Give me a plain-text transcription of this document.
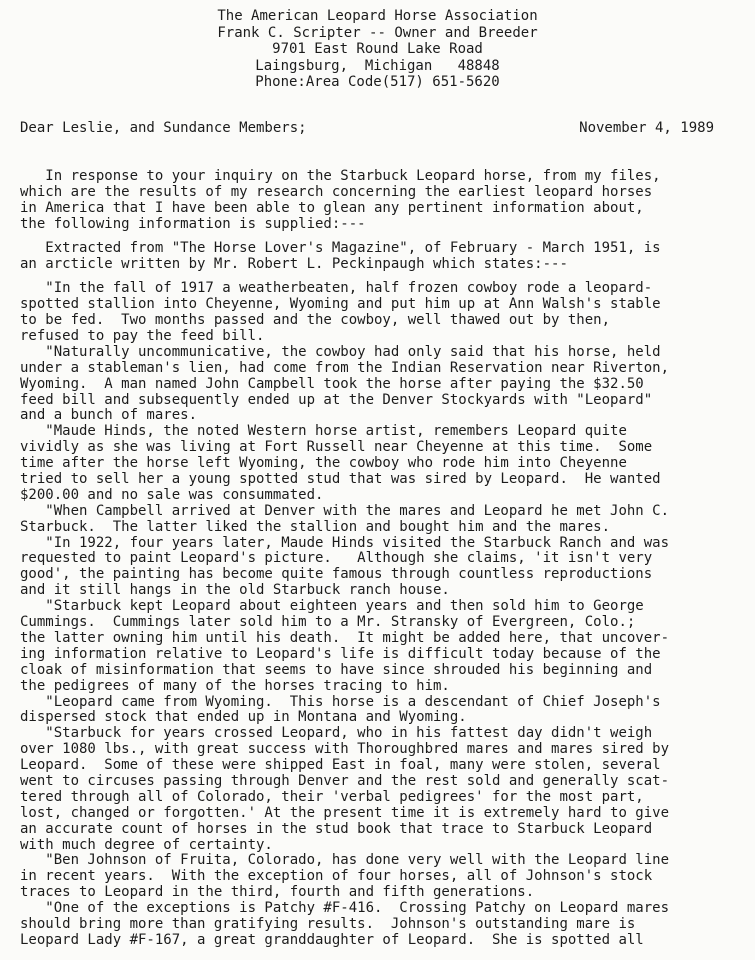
The American Leopard Horse Association
Frank C. Scripter -- Owner and Breeder
9701 East Round Lake Road
Laingsburg,  Michigan   48848
Phone:Area Code(517) 651-5620
Dear Leslie, and Sundance Members;	November 4, 1989
In response to your inquiry on the Starbuck Leopard horse, from my files,
which are the results of my research concerning the earliest leopard horses
in America that I have been able to glean any pertinent information about,
the following information is supplied:---
Extracted from "The Horse Lover's Magazine", of February - March 1951, is
an arcticle written by Mr. Robert L. Peckinpaugh which states:---
"In the fall of 1917 a weatherbeaten, half frozen cowboy rode a leopard-
spotted stallion into Cheyenne, Wyoming and put him up at Ann Walsh's stable
to be fed.  Two months passed and the cowboy, well thawed out by then,
refused to pay the feed bill.
"Naturally uncommunicative, the cowboy had only said that his horse, held
under a stableman's lien, had come from the Indian Reservation near Riverton,
Wyoming.  A man named John Campbell took the horse after paying the $32.50
feed bill and subsequently ended up at the Denver Stockyards with "Leopard"
and a bunch of mares.
"Maude Hinds, the noted Western horse artist, remembers Leopard quite
vividly as she was living at Fort Russell near Cheyenne at this time.  Some
time after the horse left Wyoming, the cowboy who rode him into Cheyenne
tried to sell her a young spotted stud that was sired by Leopard.  He wanted
$200.00 and no sale was consummated.
"When Campbell arrived at Denver with the mares and Leopard he met John C.
Starbuck.  The latter liked the stallion and bought him and the mares.
"In 1922, four years later, Maude Hinds visited the Starbuck Ranch and was
requested to paint Leopard's picture.   Although she claims, 'it isn't very
good', the painting has become quite famous through countless reproductions
and it still hangs in the old Starbuck ranch house.
"Starbuck kept Leopard about eighteen years and then sold him to George
Cummings.  Cummings later sold him to a Mr. Stransky of Evergreen, Colo.;
the latter owning him until his death.  It might be added here, that uncover-
ing information relative to Leopard's life is difficult today because of the
cloak of misinformation that seems to have since shrouded his beginning and
the pedigrees of many of the horses tracing to him.
"Leopard came from Wyoming.  This horse is a descendant of Chief Joseph's
dispersed stock that ended up in Montana and Wyoming.
"Starbuck for years crossed Leopard, who in his fattest day didn't weigh
over 1080 lbs., with great success with Thoroughbred mares and mares sired by
Leopard.  Some of these were shipped East in foal, many were stolen, several
went to circuses passing through Denver and the rest sold and generally scat-
tered through all of Colorado, their 'verbal pedigrees' for the most part,
lost, changed or forgotten.' At the present time it is extremely hard to give
an accurate count of horses in the stud book that trace to Starbuck Leopard
with much degree of certainty.
"Ben Johnson of Fruita, Colorado, has done very well with the Leopard line
in recent years.  With the exception of four horses, all of Johnson's stock
traces to Leopard in the third, fourth and fifth generations.
"One of the exceptions is Patchy #F-416.  Crossing Patchy on Leopard mares
should bring more than gratifying results.  Johnson's outstanding mare is
Leopard Lady #F-167, a great granddaughter of Leopard.  She is spotted all
